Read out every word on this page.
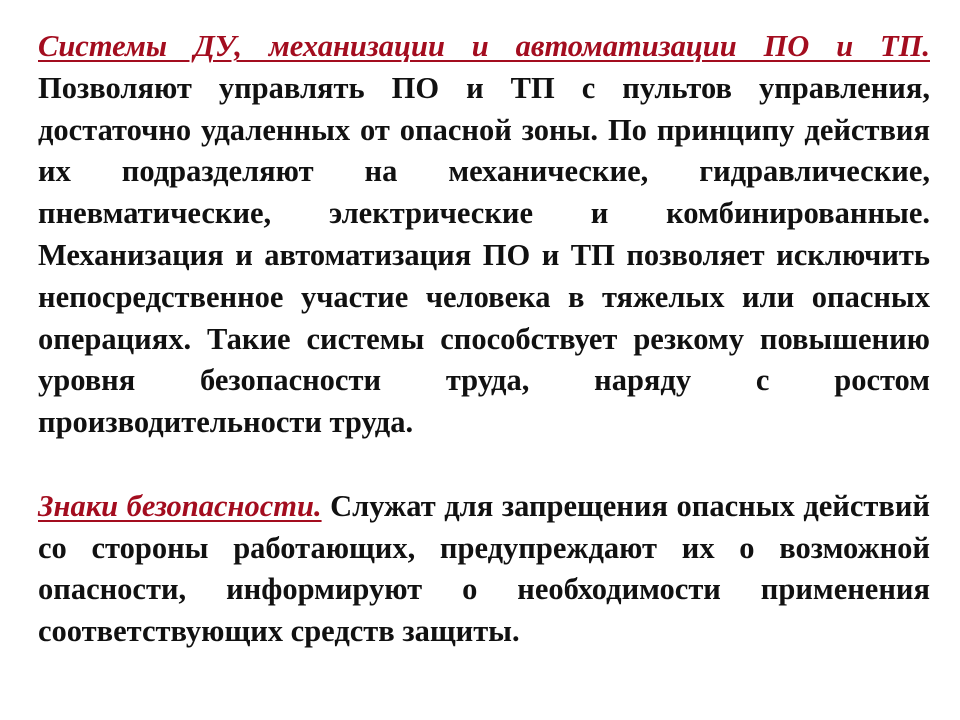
Системы ДУ, механизации и автоматизации ПО и ТП. Позволяют управлять ПО и ТП с пультов управления, достаточно удаленных от опасной зоны. По принципу действия их подразделяют на механические, гидравлические, пневматические, электрические и комбинированные. Механизация и автоматизация ПО и ТП позволяет исключить непосредственное участие человека в тяжелых или опасных операциях. Такие системы способствует резкому повышению уровня безопасности труда, наряду с ростом производительности труда.

Знаки безопасности. Служат для запрещения опасных действий со стороны работающих, предупреждают их о возможной опасности, информируют о необходимости применения соответствующих средств защиты.
